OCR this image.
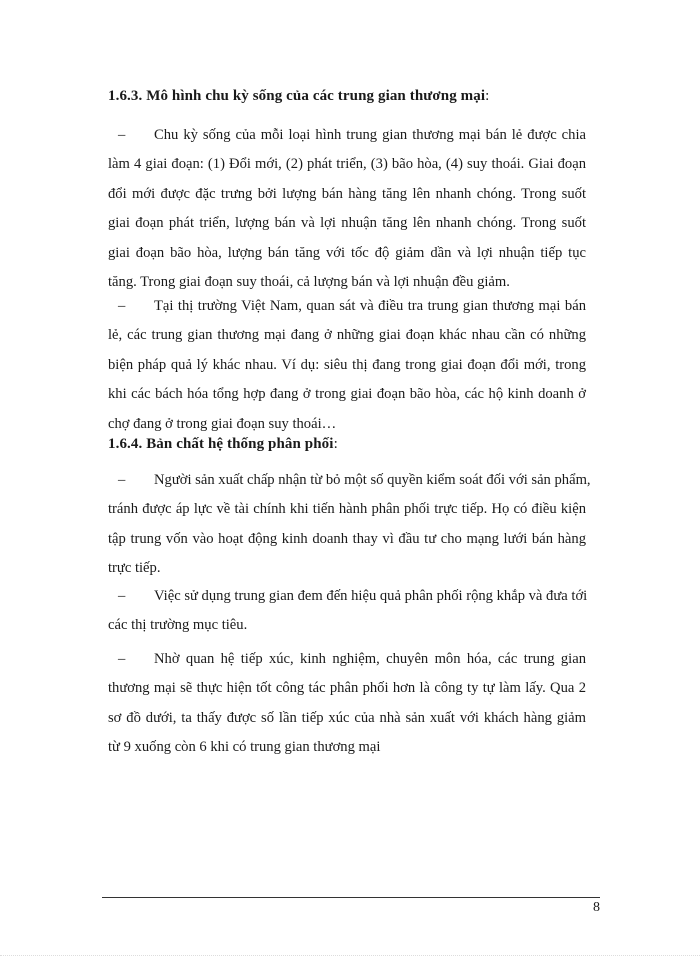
1.6.3. Mô hình chu kỳ sống của các trung gian thương mại:
– Chu kỳ sống của mỗi loại hình trung gian thương mại bán lẻ được chia
làm 4 giai đoạn: (1) Đổi mới, (2) phát triển, (3) bão hòa, (4) suy thoái. Giai đoạn
đổi mới được đặc trưng bởi lượng bán hàng tăng lên nhanh chóng. Trong suốt
giai đoạn phát triển, lượng bán và lợi nhuận tăng lên nhanh chóng. Trong suốt
giai đoạn bão hòa, lượng bán tăng với tốc độ giảm dần và lợi nhuận tiếp tục
tăng. Trong giai đoạn suy thoái, cả lượng bán và lợi nhuận đều giảm.
– Tại thị trường Việt Nam, quan sát và điều tra trung gian thương mại bán
lẻ, các trung gian thương mại đang ở những giai đoạn khác nhau cần có những
biện pháp quả lý khác nhau. Ví dụ: siêu thị đang trong giai đoạn đổi mới, trong
khi các bách hóa tổng hợp đang ở trong giai đoạn bão hòa, các hộ kinh doanh ở
chợ đang ở trong giai đoạn suy thoái…
1.6.4. Bản chất hệ thống phân phối:
– Người sản xuất chấp nhận từ bỏ một số quyền kiểm soát đối với sản phẩm,
tránh được áp lực về tài chính khi tiến hành phân phối trực tiếp. Họ có điều kiện
tập trung vốn vào hoạt động kinh doanh thay vì đầu tư cho mạng lưới bán hàng
trực tiếp.
– Việc sử dụng trung gian đem đến hiệu quả phân phối rộng khắp và đưa tới
các thị trường mục tiêu.
– Nhờ quan hệ tiếp xúc, kinh nghiệm, chuyên môn hóa, các trung gian
thương mại sẽ thực hiện tốt công tác phân phối hơn là công ty tự làm lấy. Qua 2
sơ đồ dưới, ta thấy được số lần tiếp xúc của nhà sản xuất với khách hàng giảm
từ 9 xuống còn 6 khi có trung gian thương mại
8
